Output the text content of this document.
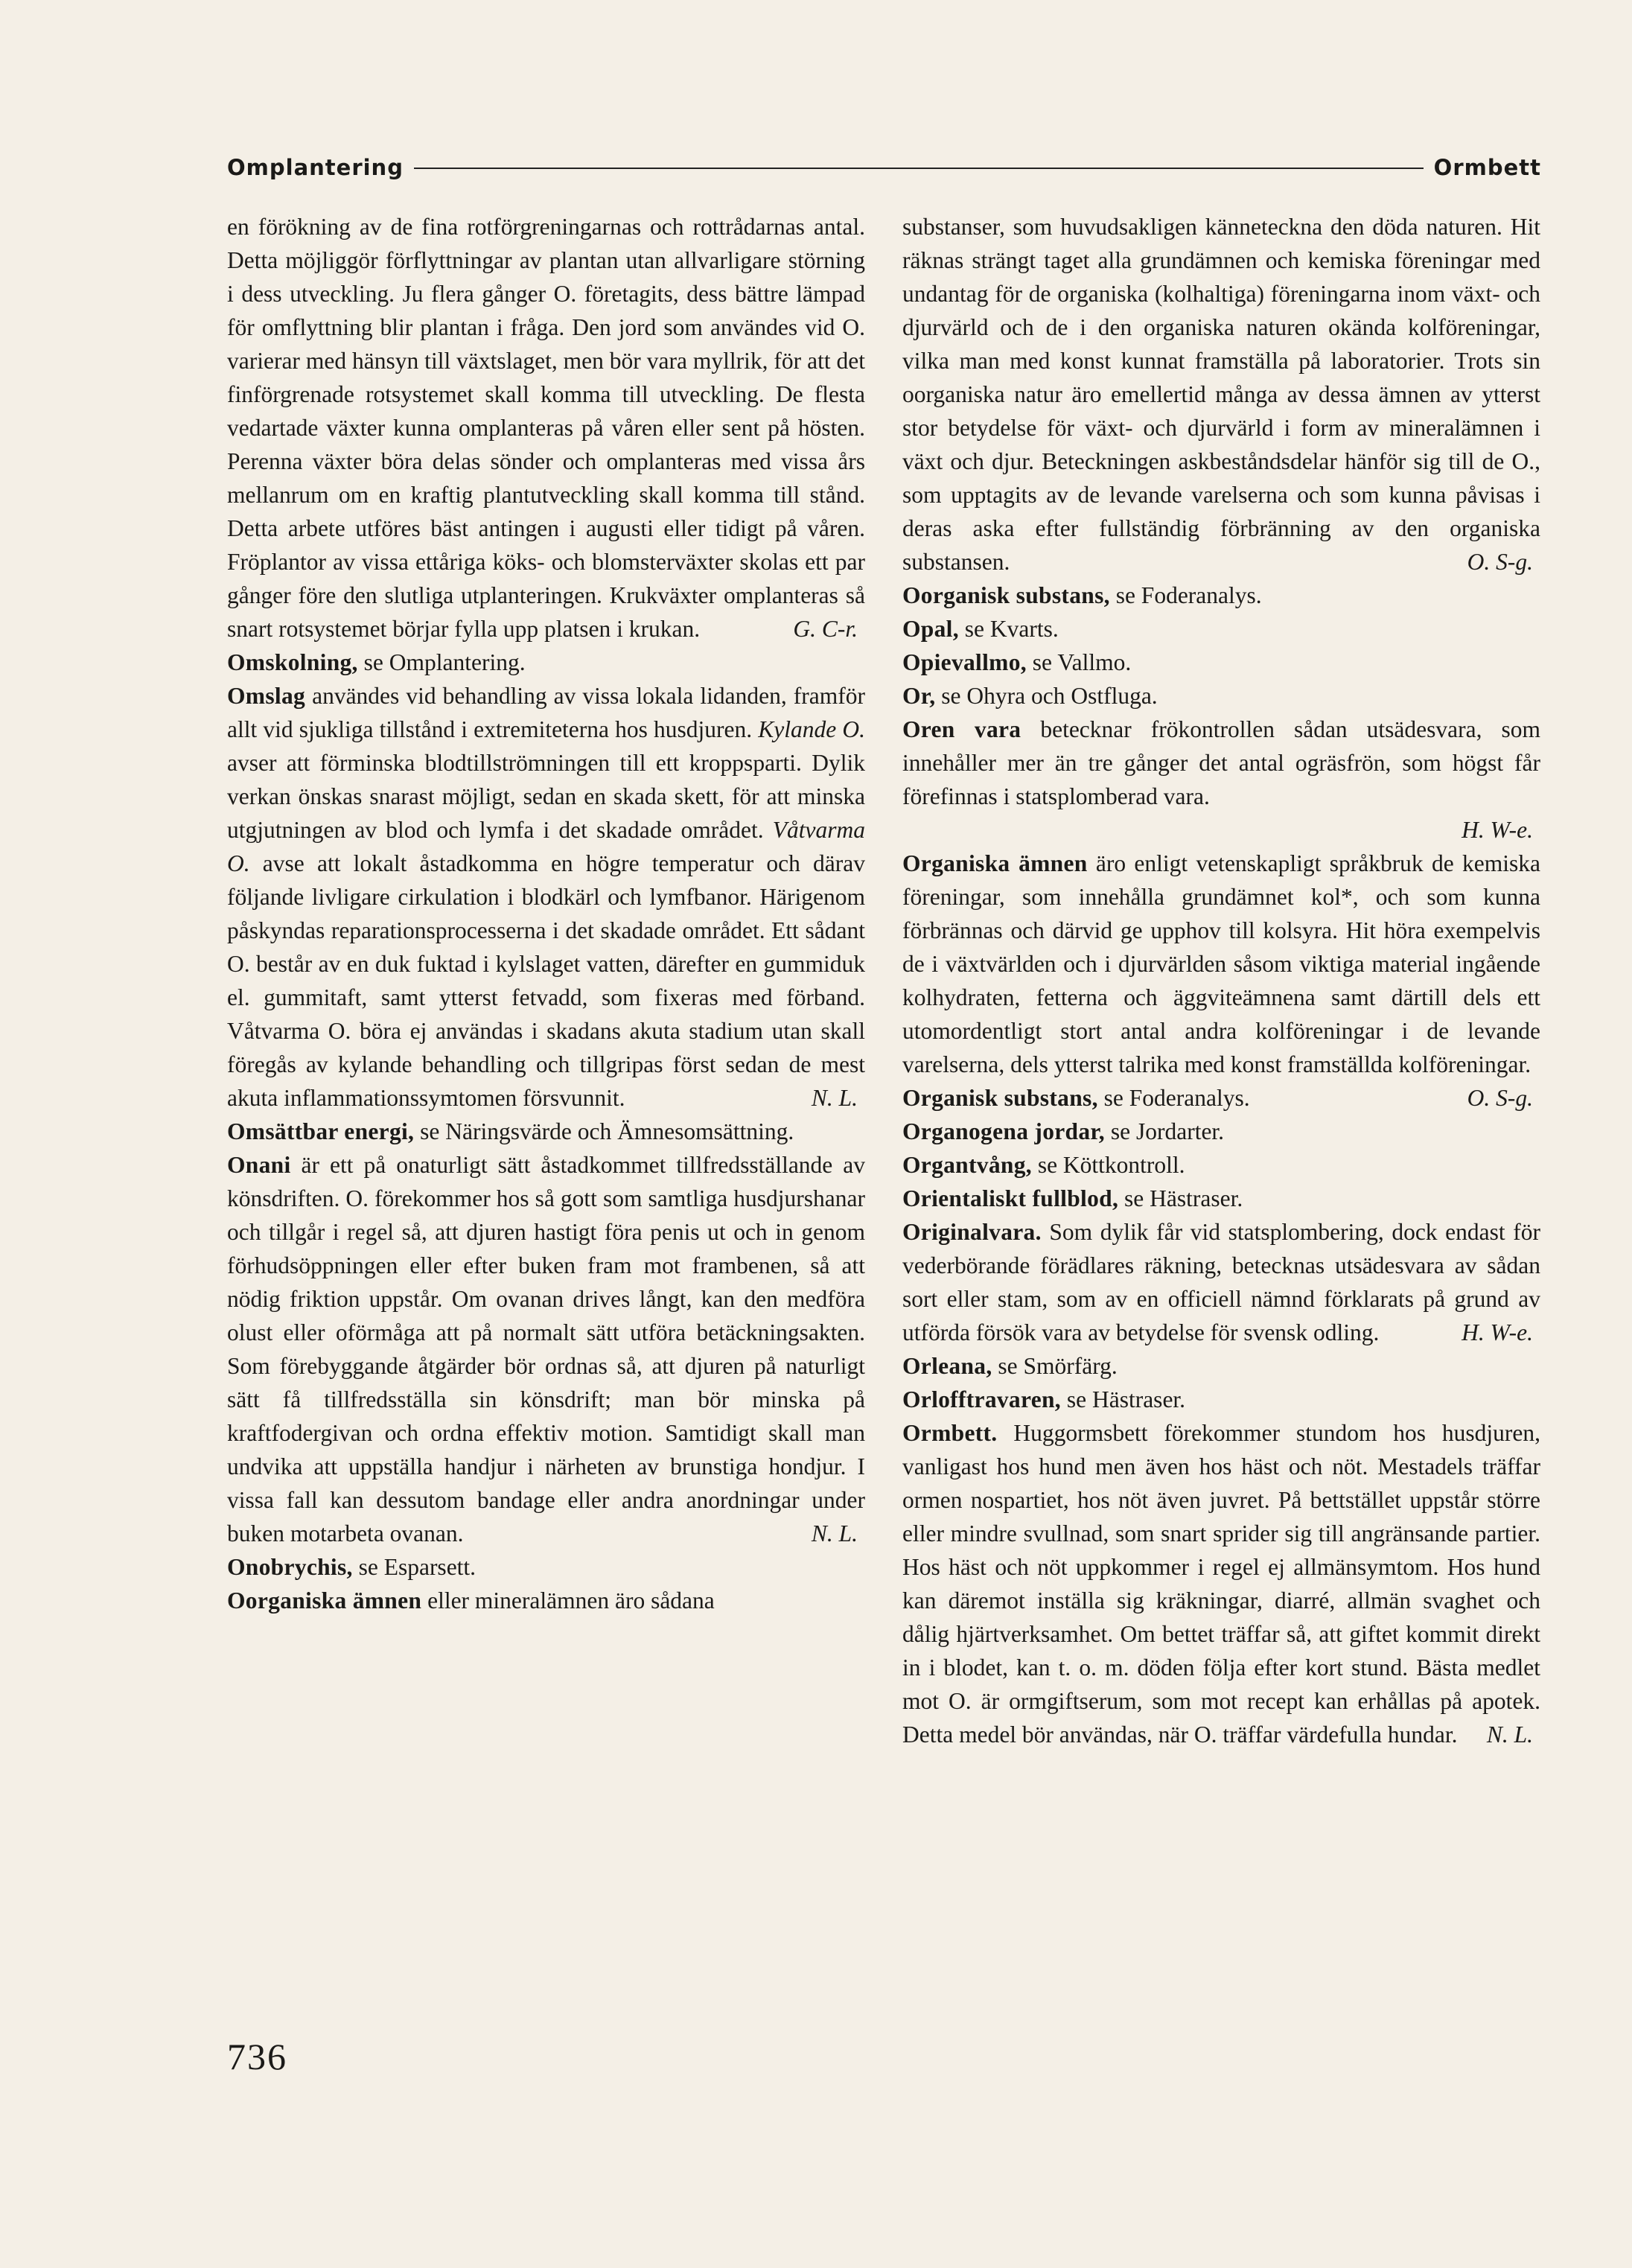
Omplantering	Ormbett

en förökning av de fina rotförgreningarnas och rottrådarnas antal. Detta möjliggör förflyttningar av plantan utan allvarligare störning i dess utveckling. Ju flera gånger O. företagits, dess bättre lämpad för omflyttning blir plantan i fråga. Den jord som användes vid O. varierar med hänsyn till växtslaget, men bör vara myllrik, för att det finförgrenade rotsystemet skall komma till utveckling. De flesta vedartade växter kunna omplanteras på våren eller sent på hösten. Perenna växter böra delas sönder och omplanteras med vissa års mellanrum om en kraftig plantutveckling skall komma till stånd. Detta arbete utföres bäst antingen i augusti eller tidigt på våren. Fröplantor av vissa ettåriga köks- och blomsterväxter skolas ett par gånger före den slutliga utplanteringen. Krukväxter omplanteras så snart rotsystemet börjar fylla upp platsen i krukan.	G. C-r.

Omskolning, se Omplantering.

Omslag användes vid behandling av vissa lokala lidanden, framför allt vid sjukliga tillstånd i extremiteterna hos husdjuren. Kylande O. avser att förminska blodtillströmningen till ett kroppsparti. Dylik verkan önskas snarast möjligt, sedan en skada skett, för att minska utgjutningen av blod och lymfa i det skadade området. Våtvarma O. avse att lokalt åstadkomma en högre temperatur och därav följande livligare cirkulation i blodkärl och lymfbanor. Härigenom påskyndas reparationsprocesserna i det skadade området. Ett sådant O. består av en duk fuktad i kylslaget vatten, därefter en gummiduk el. gummitaft, samt ytterst fetvadd, som fixeras med förband. Våtvarma O. böra ej användas i skadans akuta stadium utan skall föregås av kylande behandling och tillgripas först sedan de mest akuta inflammationssymtomen försvunnit.	N. L.

Omsättbar energi, se Näringsvärde och Ämnesomsättning.

Onani är ett på onaturligt sätt åstadkommet tillfredsställande av könsdriften. O. förekommer hos så gott som samtliga husdjurshanar och tillgår i regel så, att djuren hastigt föra penis ut och in genom förhudsöppningen eller efter buken fram mot frambenen, så att nödig friktion uppstår. Om ovanan drives långt, kan den medföra olust eller oförmåga att på normalt sätt utföra betäckningsakten. Som förebyggande åtgärder bör ordnas så, att djuren på naturligt sätt få tillfredsställa sin könsdrift; man bör minska på kraftfodergivan och ordna effektiv motion. Samtidigt skall man undvika att uppställa handjur i närheten av brunstiga hondjur. I vissa fall kan dessutom bandage eller andra anordningar under buken motarbeta ovanan.	N. L.

Onobrychis, se Esparsett.

Oorganiska ämnen eller mineralämnen äro sådana

substanser, som huvudsakligen kännetecknа den döda naturen. Hit räknas strängt taget alla grundämnen och kemiska föreningar med undantag för de organiska (kolhaltiga) föreningarna inom växt- och djurvärld och de i den organiska naturen okända kolföreningar, vilka man med konst kunnat framställa på laboratorier. Trots sin oorganiska natur äro emellertid många av dessa ämnen av ytterst stor betydelse för växt- och djurvärld i form av mineralämnen i växt och djur. Beteckningen askbeståndsdelar hänför sig till de O., som upptagits av de levande varelserna och som kunna påvisas i deras aska efter fullständig förbränning av den organiska substansen.	O. S-g.

Oorganisk substans, se Foderanalys.

Opal, se Kvarts.

Opievallmo, se Vallmo.

Or, se Ohyra och Ostfluga.

Oren vara betecknar frökontrollen sådan utsädesvara, som innehåller mer än tre gånger det antal ogräsfrön, som högst får förefinnas i statsplomberad vara.

H. W-e.

Organiska ämnen äro enligt vetenskapligt språkbruk de kemiska föreningar, som innehålla grundämnet kol*, och som kunna förbrännas och därvid ge upphov till kolsyra. Hit höra exempelvis de i växtvärlden och i djurvärlden såsom viktiga material ingående kolhydraten, fetterna och äggviteämnena samt därtill dels ett utomordentligt stort antal andra kolföreningar i de levande varelserna, dels ytterst talrika med konst framställda kolföreningar.
O. S-g.

Organisk substans, se Foderanalys.

Organogena jordar, se Jordarter.

Organtvång, se Köttkontroll.

Orientaliskt fullblod, se Hästraser.

Originalvara. Som dylik får vid statsplombering, dock endast för vederbörande förädlares räkning, betecknas utsädesvara av sådan sort eller stam, som av en officiell nämnd förklarats på grund av utförda försök vara av betydelse för svensk odling.	H. W-e.

Orleana, se Smörfärg.

Orlofftravaren, se Hästraser.

Ormbett. Huggormsbett förekommer stundom hos husdjuren, vanligast hos hund men även hos häst och nöt. Mestadels träffar ormen nospartiet, hos nöt även juvret. På bettstället uppstår större eller mindre svullnad, som snart sprider sig till angränsande partier. Hos häst och nöt uppkommer i regel ej allmänsymtom. Hos hund kan däremot inställa sig kräkningar, diarré, allmän svaghet och dålig hjärtverksamhet. Om bettet träffar så, att giftet kommit direkt in i blodet, kan t. o. m. döden följa efter kort stund. Bästa medlet mot O. är ormgiftserum, som mot recept kan erhållas på apotek. Detta medel bör användas, när O. träffar värdefulla hundar. N. L.

736
